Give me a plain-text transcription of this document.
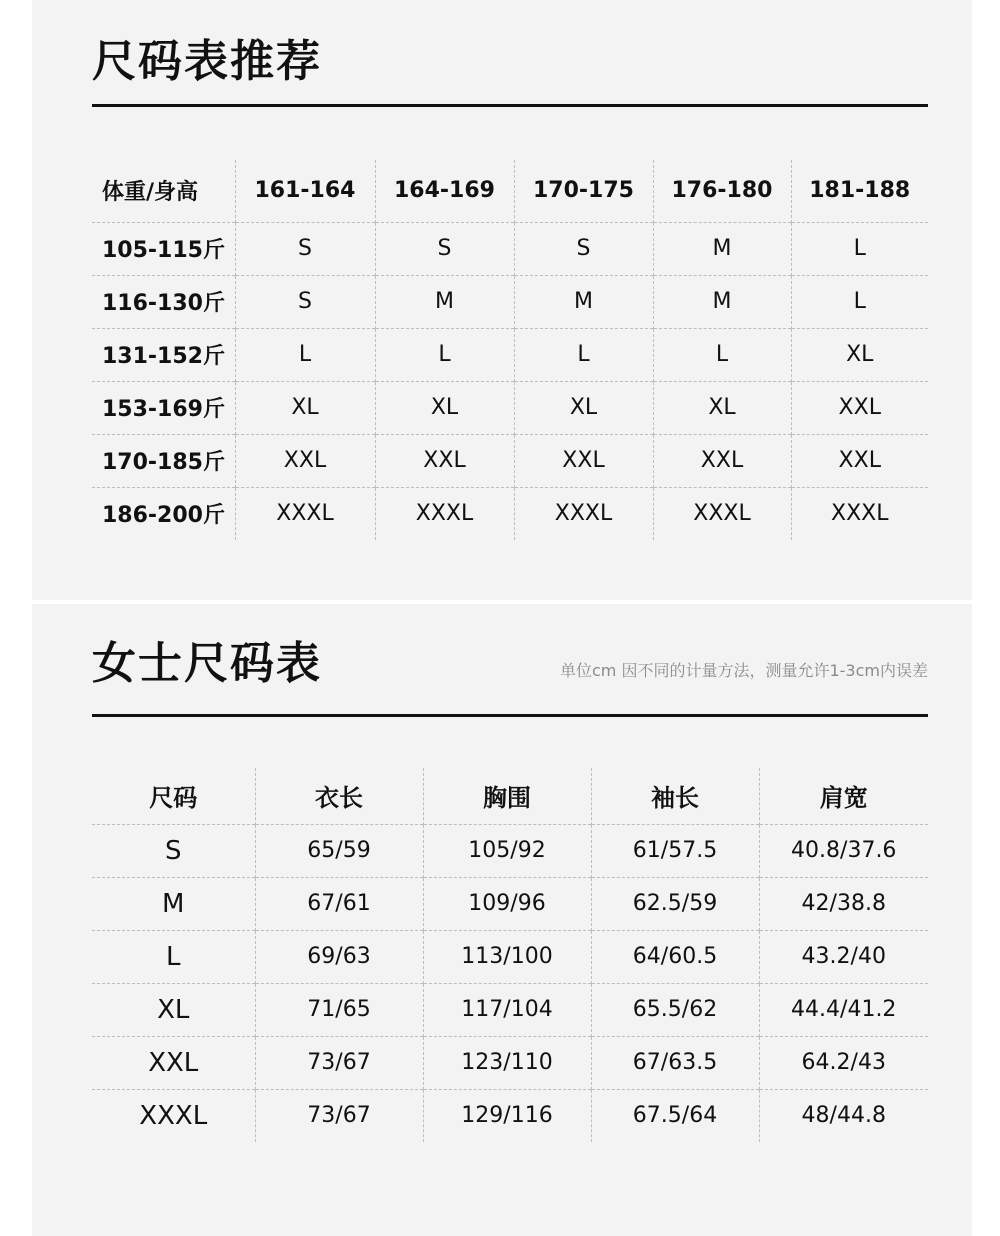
尺码表推荐
体重/身高	161-164	164-169	170-175	176-180	181-188
105-115斤	S	S	S	M	L
116-130斤	S	M	M	M	L
131-152斤	L	L	L	L	XL
153-169斤	XL	XL	XL	XL	XXL
170-185斤	XXL	XXL	XXL	XXL	XXL
186-200斤	XXXL	XXXL	XXXL	XXXL	XXXL
女士尺码表	单位cm 因不同的计量方法，测量允许1-3cm内误差
尺码	衣长	胸围	袖长	肩宽
S	65/59	105/92	61/57.5	40.8/37.6
M	67/61	109/96	62.5/59	42/38.8
L	69/63	113/100	64/60.5	43.2/40
XL	71/65	117/104	65.5/62	44.4/41.2
XXL	73/67	123/110	67/63.5	64.2/43
XXXL	73/67	129/116	67.5/64	48/44.8
